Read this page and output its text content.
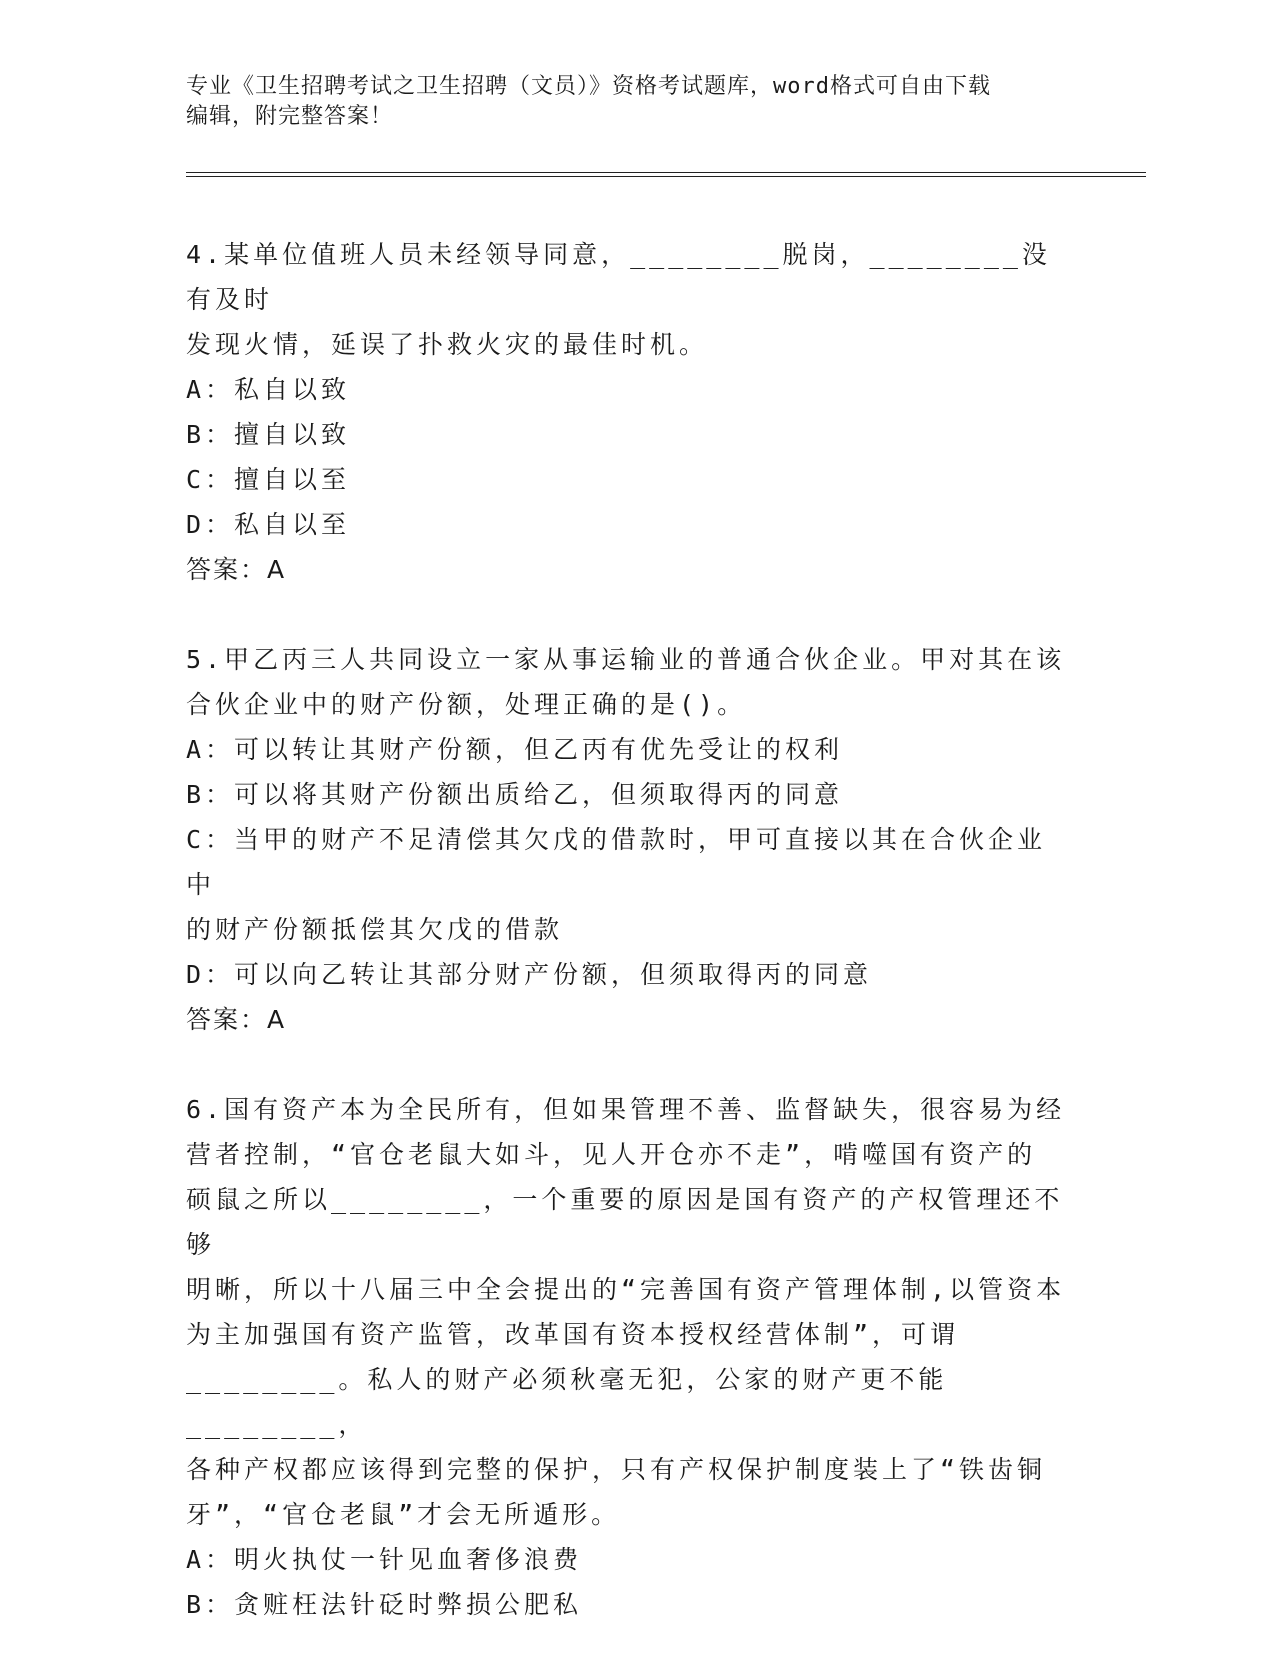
专业《卫生招聘考试之卫生招聘（文员）》资格考试题库，word格式可自由下载

编辑，附完整答案！

4.某单位值班人员未经领导同意，________脱岗，________没有及时

发现火情，延误了扑救火灾的最佳时机。

A：私自以致

B：擅自以致

C：擅自以至

D：私自以至

答案：A

5.甲乙丙三人共同设立一家从事运输业的普通合伙企业。甲对其在该

合伙企业中的财产份额，处理正确的是()。

A：可以转让其财产份额，但乙丙有优先受让的权利

B：可以将其财产份额出质给乙，但须取得丙的同意

C：当甲的财产不足清偿其欠戊的借款时，甲可直接以其在合伙企业中

的财产份额抵偿其欠戊的借款

D：可以向乙转让其部分财产份额，但须取得丙的同意

答案：A

6.国有资产本为全民所有，但如果管理不善、监督缺失，很容易为经

营者控制，“官仓老鼠大如斗，见人开仓亦不走”，啃噬国有资产的

硕鼠之所以________，一个重要的原因是国有资产的产权管理还不够

明晰，所以十八届三中全会提出的“完善国有资产管理体制,以管资本

为主加强国有资产监管，改革国有资本授权经营体制”，可谓

________。私人的财产必须秋毫无犯，公家的财产更不能________，

各种产权都应该得到完整的保护，只有产权保护制度装上了“铁齿铜

牙”，“官仓老鼠”才会无所遁形。

A：明火执仗一针见血奢侈浪费

B：贪赃枉法针砭时弊损公肥私
